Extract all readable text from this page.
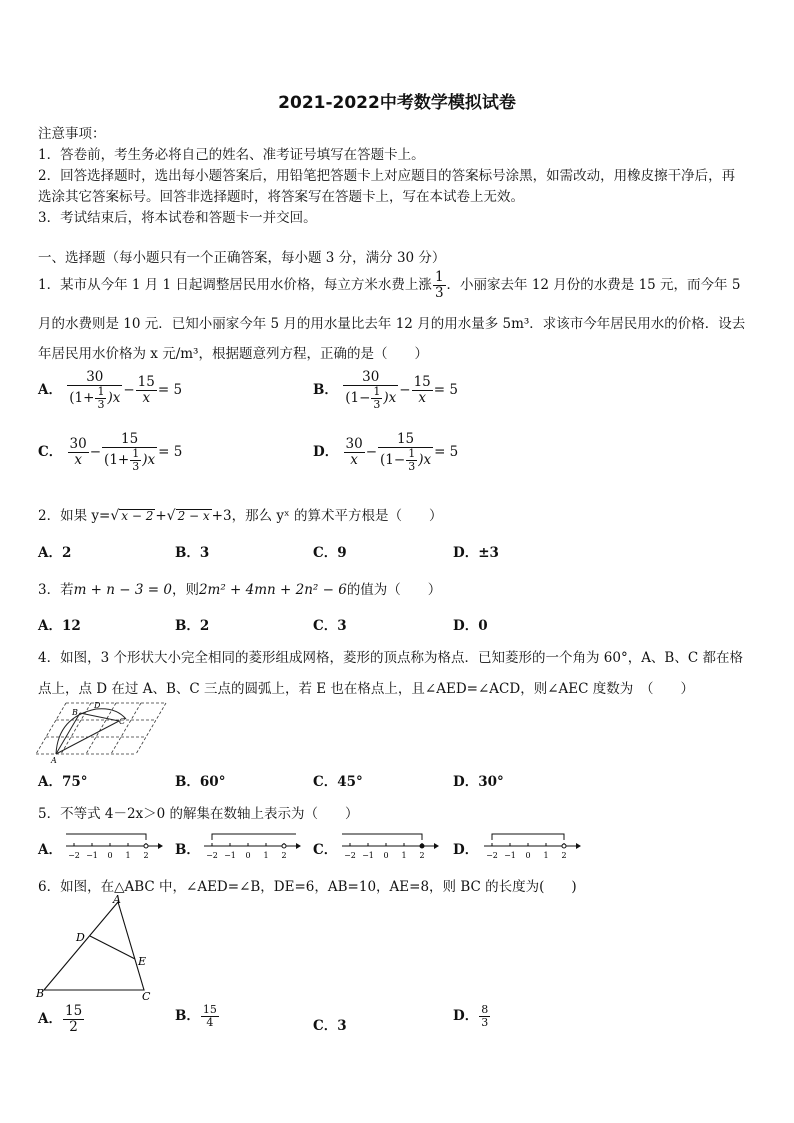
2021-2022中考数学模拟试卷
注意事项：
1．答卷前，考生务必将自己的姓名、准考证号填写在答题卡上。
2．回答选择题时，选出每小题答案后，用铅笔把答题卡上对应题目的答案标号涂黑，如需改动，用橡皮擦干净后，再
选涂其它答案标号。回答非选择题时，将答案写在答题卡上，写在本试卷上无效。
3．考试结束后，将本试卷和答题卡一并交回。
一、选择题（每小题只有一个正确答案，每小题 3 分，满分 30 分）
1．某市从今年 1 月 1 日起调整居民用水价格，每立方米水费上涨 $\frac{1}{3}$ ．小丽家去年 12 月份的水费是 15 元，而今年 5
月的水费则是 10 元．已知小丽家今年 5 月的用水量比去年 12 月的用水量多 5m³．求该市今年居民用水的价格．设去
年居民用水价格为 x 元/m³，根据题意列方程，正确的是（　　）
A． $\frac{30}{(1+ \frac{1}{3} )x} - \frac{15}{x} = 5$	B． $\frac{30}{(1- \frac{1}{3} )x} - \frac{15}{x} = 5$
C． $\frac{30}{x} - \frac{15}{(1+ \frac{1}{3} )x} = 5$	D． $\frac{30}{x} - \frac{15}{(1- \frac{1}{3} )x} = 5$
2．如果 y=√ x − 2 +√ 2 − x +3，那么 yˣ 的算术平方根是（　　）
A．2	B．3	C．9	D．±3
3．若m + n − 3 = 0，则2m² + 4mn + 2n² − 6的值为（　　）
A．12	B．2	C．3	D．0
4．如图，3 个形状大小完全相同的菱形组成网格，菱形的顶点称为格点．已知菱形的一个角为 60°，A、B、C 都在格
点上，点 D 在过 A、B、C 三点的圆弧上，若 E 也在格点上，且∠AED=∠ACD，则∠AEC 度数为　（　　）
A
B
C
D
A．75°	B．60°	C．45°	D．30°
5．不等式 4－2x＞0 的解集在数轴上表示为（　　）
A． −2 −1 0 1 2 B． −2 −1 0 1 2 C． −2 −1 0 1 2 D． −2 −1 0 1 2
6．如图，在△ABC 中，∠AED=∠B，DE=6，AB=10，AE=8，则 BC 的长度为(　　)
A
B	C
D
E
A． $\frac{15}{2}$	B． $\frac{15}{4}$	C．3
D． $\frac{8}{3}$
